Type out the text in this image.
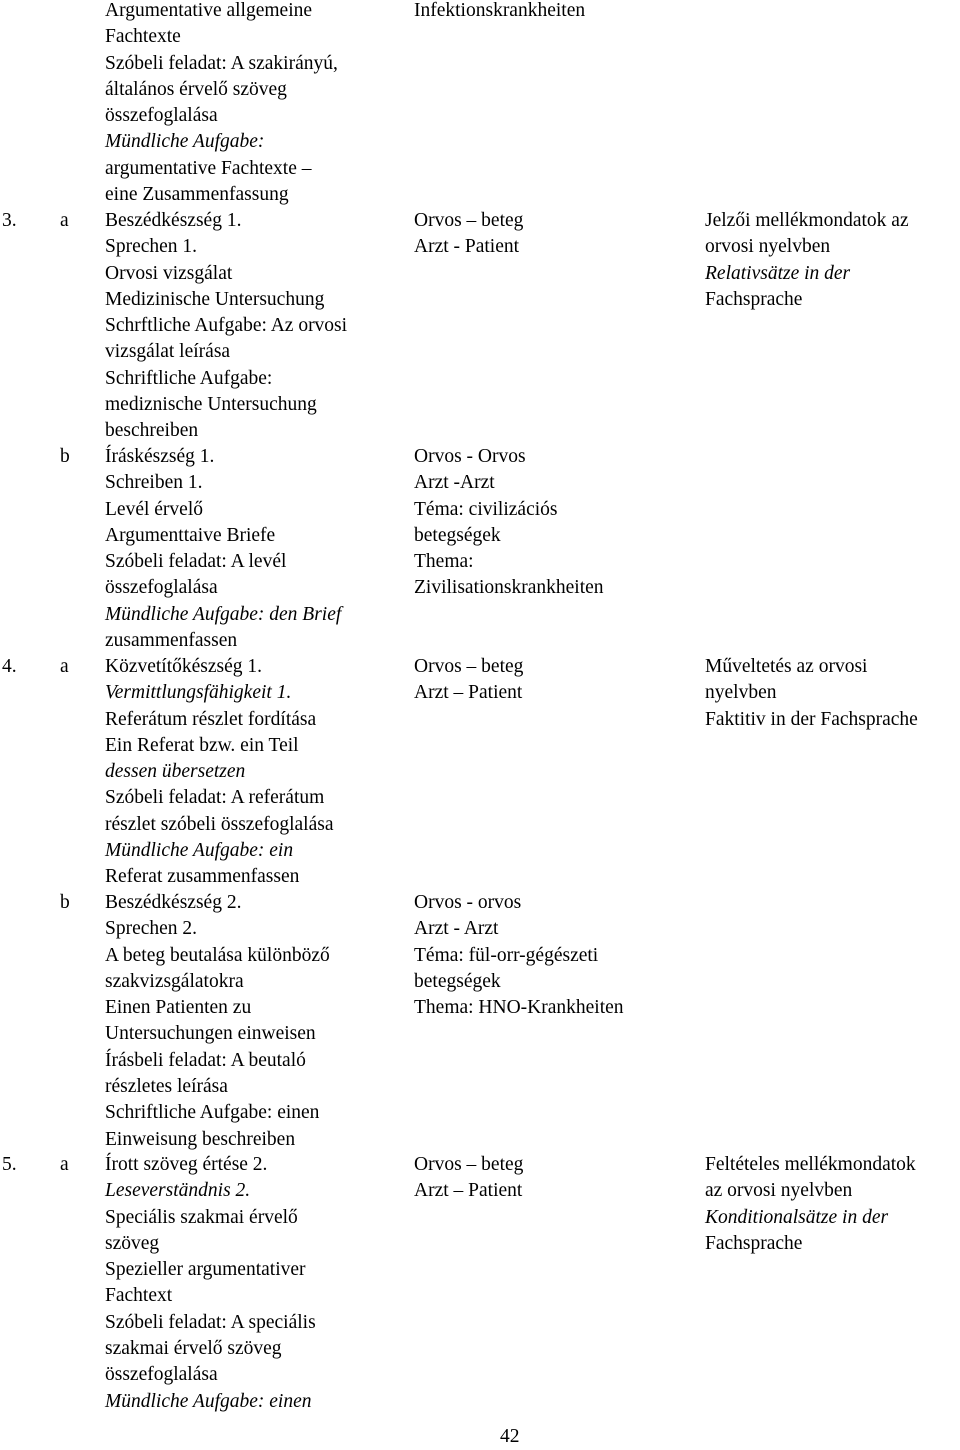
Argumentative allgemeine
Fachtexte
Szóbeli feladat: A szakirányú,
általános érvelő szöveg
összefoglalása
Mündliche Aufgabe:
argumentative Fachtexte –
eine Zusammenfassung
Infektionskrankheiten
3. a Beszédkészség 1.
Sprechen 1.
Orvosi vizsgálat
Medizinische Untersuchung
Schrftliche Aufgabe: Az orvosi
vizsgálat leírása
Schriftliche Aufgabe:
mediznische Untersuchung
beschreiben
Orvos – beteg
Arzt - Patient
Jelzői mellékmondatok az
orvosi nyelvben
Relativsätze in der
Fachsprache
b Íráskészség 1.
Schreiben 1.
Levél érvelő
Argumenttaive Briefe
Szóbeli feladat: A levél
összefoglalása
Mündliche Aufgabe: den Brief
zusammenfassen
Orvos - Orvos
Arzt -Arzt
Téma: civilizációs
betegségek
Thema:
Zivilisationskrankheiten
4. a Közvetítőkészség 1.
Vermittlungsfähigkeit 1.
Referátum részlet fordítása
Ein Referat bzw. ein Teil
dessen übersetzen
Szóbeli feladat: A referátum
részlet szóbeli összefoglalása
Mündliche Aufgabe: ein
Referat zusammenfassen
Orvos – beteg
Arzt – Patient
Műveltetés az orvosi
nyelvben
Faktitiv in der Fachsprache
b Beszédkészség 2.
Sprechen 2.
A beteg beutalása különböző
szakvizsgálatokra
Einen Patienten zu
Untersuchungen einweisen
Írásbeli feladat: A beutaló
részletes leírása
Schriftliche Aufgabe: einen
Einweisung beschreiben
Orvos - orvos
Arzt - Arzt
Téma: fül-orr-gégészeti
betegségek
Thema: HNO-Krankheiten
5. a Írott szöveg értése 2.
Leseverständnis 2.
Speciális szakmai érvelő
szöveg
Spezieller argumentativer
Fachtext
Szóbeli feladat: A speciális
szakmai érvelő szöveg
összefoglalása
Mündliche Aufgabe: einen
Orvos – beteg
Arzt – Patient
Feltételes mellékmondatok
az orvosi nyelvben
Konditionalsätze in der
Fachsprache
42
